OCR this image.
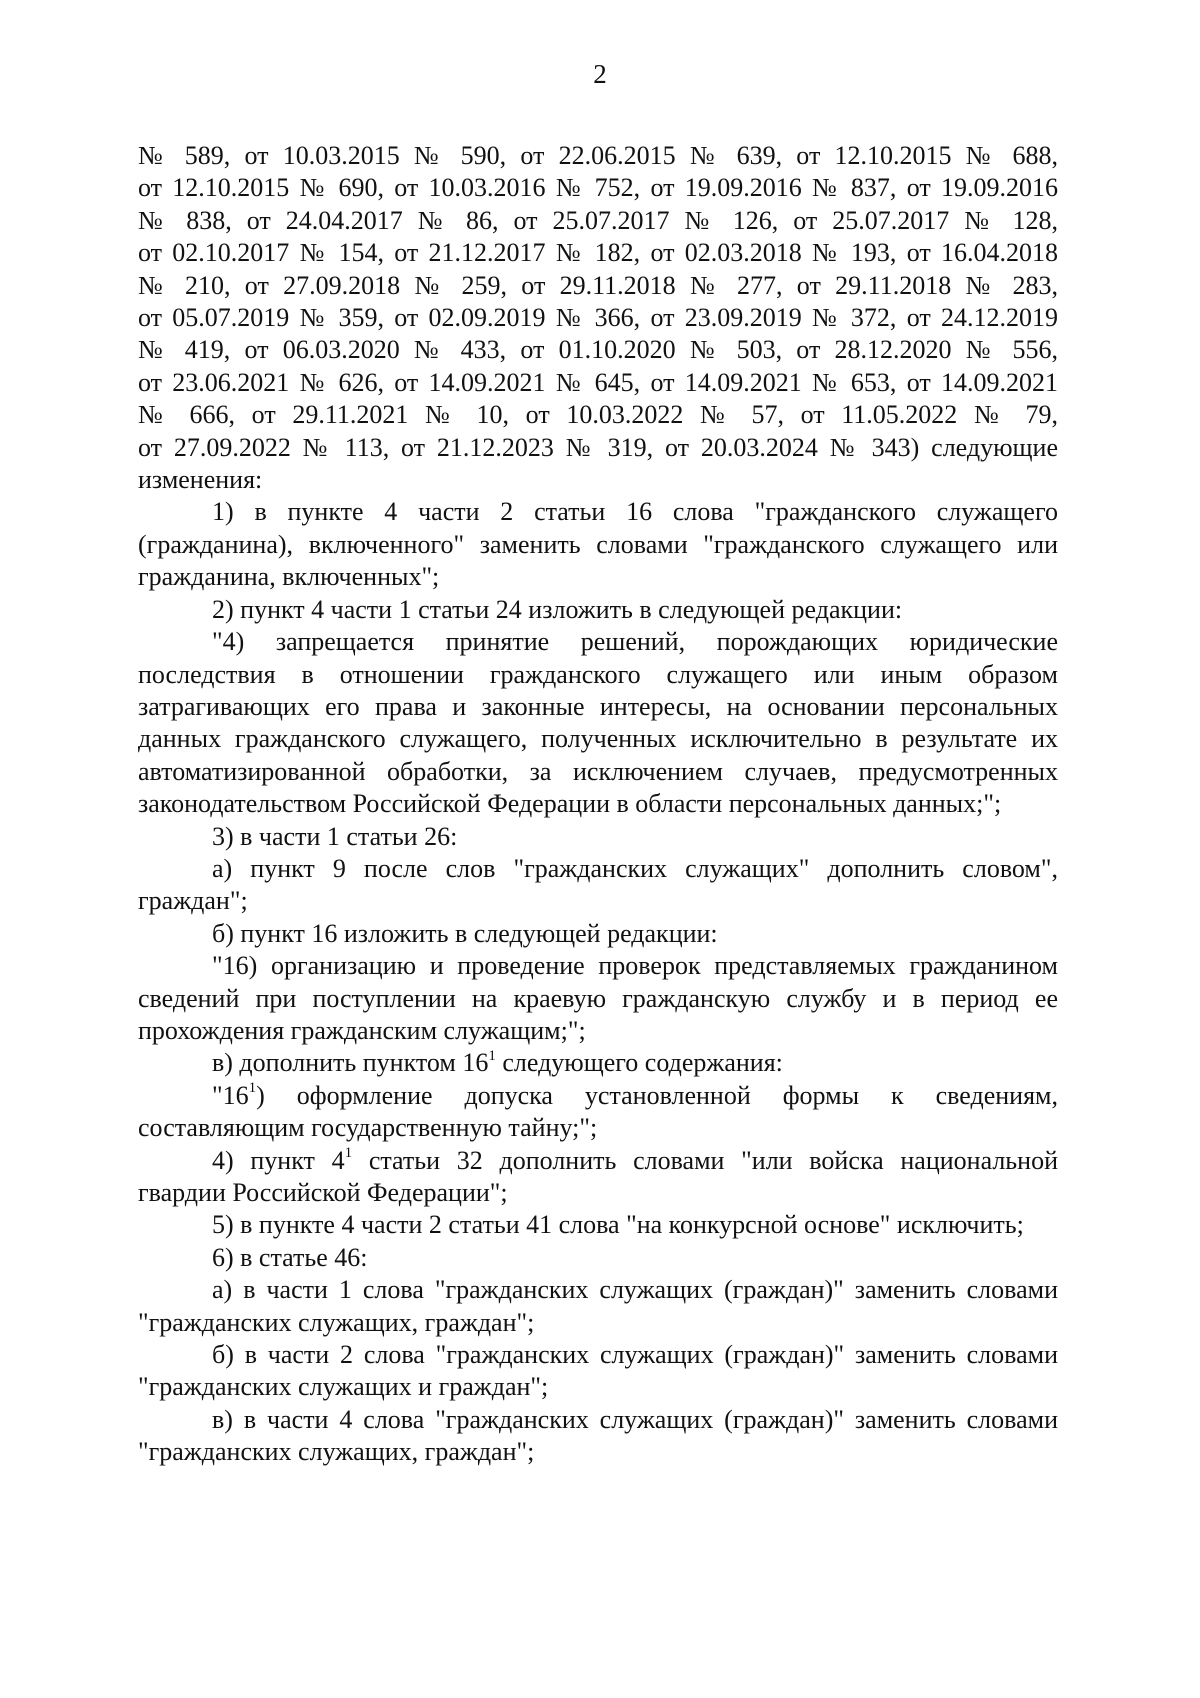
2
№ 589, от 10.03.2015 № 590, от 22.06.2015 № 639, от 12.10.2015 № 688,
от 12.10.2015 № 690, от 10.03.2016 № 752, от 19.09.2016 № 837, от 19.09.2016
№ 838, от 24.04.2017 № 86, от 25.07.2017 № 126, от 25.07.2017 № 128,
от 02.10.2017 № 154, от 21.12.2017 № 182, от 02.03.2018 № 193, от 16.04.2018
№ 210, от 27.09.2018 № 259, от 29.11.2018 № 277, от 29.11.2018 № 283,
от 05.07.2019 № 359, от 02.09.2019 № 366, от 23.09.2019 № 372, от 24.12.2019
№ 419, от 06.03.2020 № 433, от 01.10.2020 № 503, от 28.12.2020 № 556,
от 23.06.2021 № 626, от 14.09.2021 № 645, от 14.09.2021 № 653, от 14.09.2021
№ 666, от 29.11.2021 № 10, от 10.03.2022 № 57, от 11.05.2022 № 79,
от 27.09.2022 № 113, от 21.12.2023 № 319, от 20.03.2024 № 343) следующие
изменения:

1) в пункте 4 части 2 статьи 16 слова "гражданского служащего (гражданина), включенного" заменить словами "гражданского служащего или гражданина, включенных";

2) пункт 4 части 1 статьи 24 изложить в следующей редакции:

"4) запрещается принятие решений, порождающих юридические последствия в отношении гражданского служащего или иным образом затрагивающих его права и законные интересы, на основании персональных данных гражданского служащего, полученных исключительно в результате их автоматизированной обработки, за исключением случаев, предусмотренных законодательством Российской Федерации в области персональных данных;";

3) в части 1 статьи 26:

а) пункт 9 после слов "гражданских служащих" дополнить словом", граждан";

б) пункт 16 изложить в следующей редакции:

"16) организацию и проведение проверок представляемых гражданином сведений при поступлении на краевую гражданскую службу и в период ее прохождения гражданским служащим;";

в) дополнить пунктом $16^1$ следующего содержания:

"$16^1$) оформление допуска установленной формы к сведениям, составляющим государственную тайну;";

4) пункт $4^1$ статьи 32 дополнить словами "или войска национальной гвардии Российской Федерации";

5) в пункте 4 части 2 статьи 41 слова "на конкурсной основе" исключить;

6) в статье 46:

а) в части 1 слова "гражданских служащих (граждан)" заменить словами "гражданских служащих, граждан";

б) в части 2 слова "гражданских служащих (граждан)" заменить словами "гражданских служащих и граждан";

в) в части 4 слова "гражданских служащих (граждан)" заменить словами "гражданских служащих, граждан";
